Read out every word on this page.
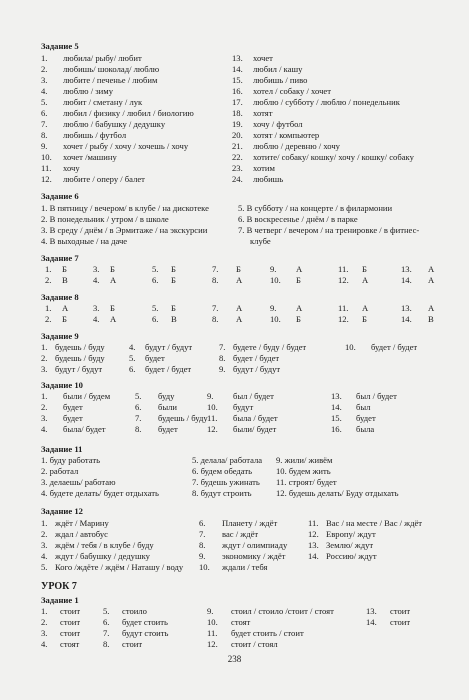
Задание 5
1. любила/ рыбу/ любит
2. любишь/ шоколад/ люблю
3. любите / печенье / любим
4. люблю / зиму
5. любит / сметану / лук
6. любил / физику / любил / биологию
7. люблю / бабушку / дедушку
8. любишь / футбол
9. хочет / рыбу / хочу / хочешь / хочу
10. хочет /машину
11. хочу
12. любите / оперу / балет
13. хочет
14. любил / кашу
15. любишь / пиво
16. хотел / собаку / хочет
17. люблю / субботу / люблю / понедельник
18. хотят
19. хочу / футбол
20. хотят / компьютер
21. люблю / деревню / хочу
22. хотите/ собаку/ кошку/ хочу / кошку/ собаку
23. хотим
24. любишь
Задание 6
1. В пятницу / вечером/ в клубе / на дискотеке
2. В понедельник / утром / в школе
3. В среду / днём / в Эрмитаже / на экскурсии
4. В выходные / на даче
5. В субботу / на концерте / в филармонии
6. В воскресенье / днём / в парке
7. В четверг / вечером / на тренировке / в фитнес-
клубе
Задание 7
1. Б	3. Б	5. Б	7. Б	9. А	11. Б	13. А
2. В	4. А	6. Б	8. А	10. Б	12. А	14. А
Задание 8
1. А	3. Б	5. Б	7. А	9. А	11. А	13. А
2. Б	4. А	6. В	8. А	10. Б	12. Б	14. В
Задание 9
1. будешь / буду	4. будут / будут	7. будете / буду / будет	10. будет / будет
2. будешь / буду	5. будет	8. будет / будет
3. будут / будут	6. будет / будет	9. будут / будут
Задание 10
1. были / будем	5. буду	9. был / будет	13. был / будет
2. будет	6. были	10. будут	14. был
3. будет	7. будешь / буду 11. была / будет	15. будет
4. была/ будет	8. будет	12. были/ будет	16. была
Задание 11
1. буду работать	5. делала/ работала 9. жили/ живём
2. работал	6. будем обедать	10. будем жить
3. делаешь/ работаю	7. будешь ужинать 11. строят/ будет
4. будете делать/ будет отдыхать	8. будут строить	12. будешь делать/ Буду отдыхать
Задание 12
1. ждёт / Марину	6. Планету / ждёт	11. Вас / на месте / Вас / ждёт
2. ждал / автобус	7. вас / ждёт	12. Европу/ ждут
3. ждём / тебя / в клубе / буду	8. ждут / олимпиаду 13. Землю/ ждут
4. ждут / бабушку / дедушку	9. экономику / ждёт	14. Россию/ ждут
5. Кого /ждёте / ждём / Наташу / воду 10. ждали / тебя
УРОК 7
Задание 1
1. стоит	5. стоило	9. стоил / стоило /стоит / стоят	13. стоит
2. стоит	6. будет стоить	10. стоят	14. стоит
3. стоит	7. будут стоить	11. будет стоить / стоит
4. стоят	8. стоит	12. стоит / стоял
238
